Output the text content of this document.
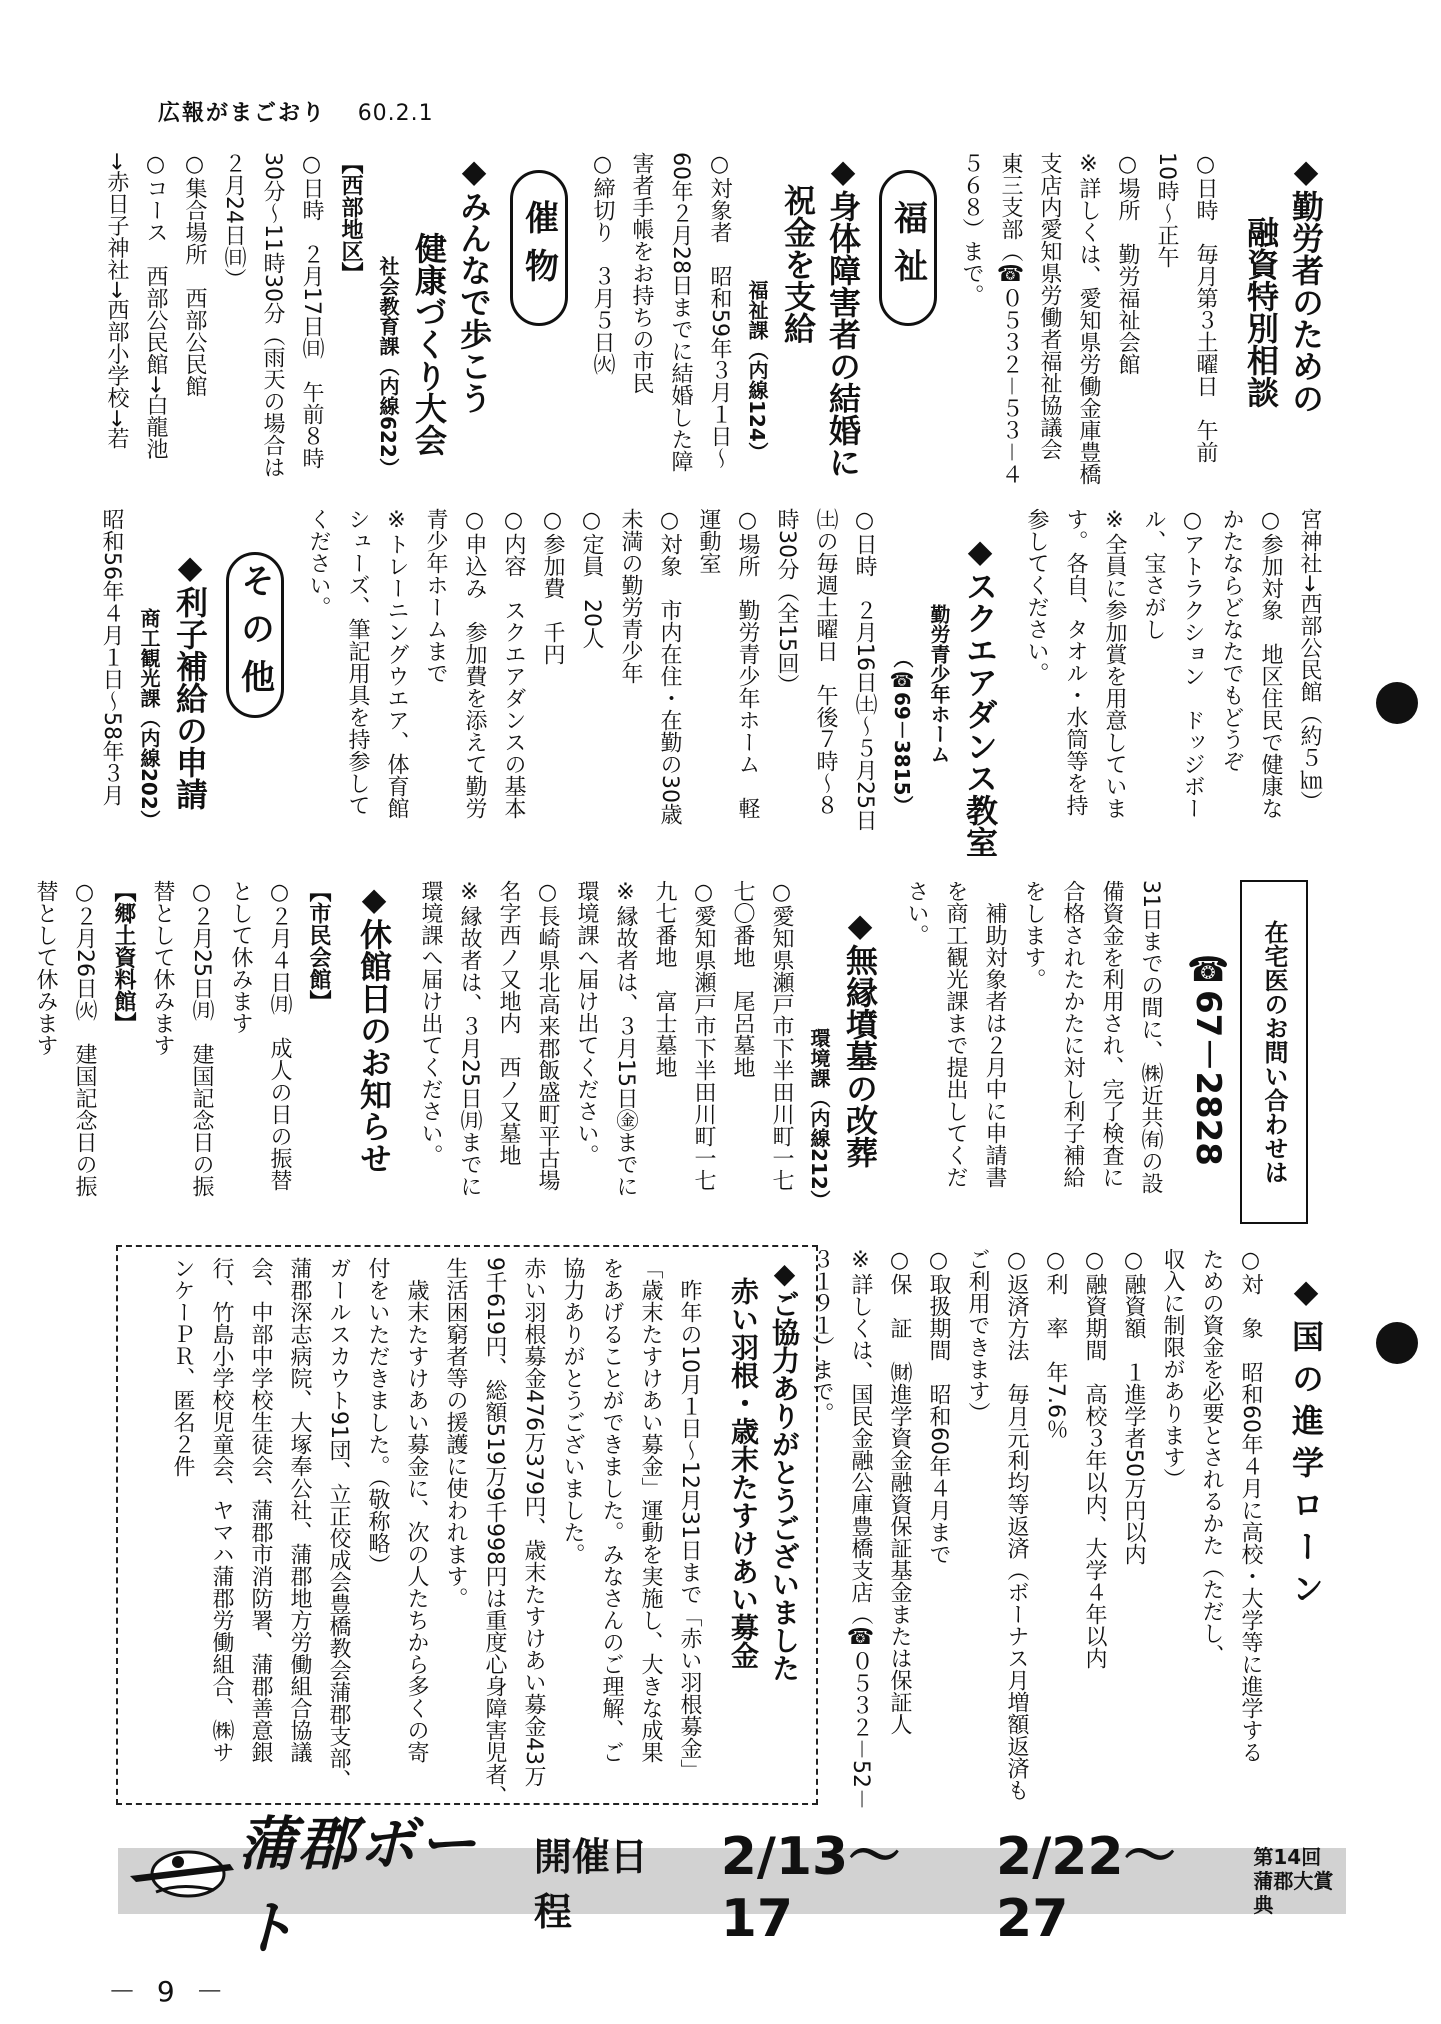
広報がまごおり 60.2.1
◆勤労者のための
融資特別相談
○日時　毎月第３土曜日　午前
10時～正午
○場所　勤労福祉会館
※詳しくは、愛知県労働金庫豊橋
支店内愛知県労働者福祉協議会
東三支部（☎０５３２－５３－４
５６８）まで。
福祉
◆身体障害者の結婚に
祝金を支給
福祉課（内線124）
○対象者　昭和59年３月１日～
60年２月28日までに結婚した障
害者手帳をお持ちの市民
○締切り　３月５日㈫
催物
◆みんなで歩こう
健康づくり大会
社会教育課（内線622）
【西部地区】
○日時　２月17日㈰　午前８時
30分～11時30分（雨天の場合は
２月24日㈰）
○集合場所　西部公民館
○コース　西部公民館→白龍池
→赤日子神社→西部小学校→若
宮神社→西部公民館（約５㎞）
○参加対象　地区住民で健康な
かたならどなたでもどうぞ
○アトラクション　ドッジボー
ル、宝さがし
※全員に参加賞を用意していま
す。各自、タオル・水筒等を持
参してください。
◆スクエアダンス教室
勤労青少年ホーム
（☎69－3815）
○日時　２月16日㈯～５月25日
㈯の毎週土曜日　午後７時～８
時30分（全15回）
○場所　勤労青少年ホーム　軽
運動室
○対象　市内在住・在勤の30歳
未満の勤労青少年
○定員　20人
○参加費　千円
○内容　スクエアダンスの基本
○申込み　参加費を添えて勤労
青少年ホームまで
※トレーニングウエア、体育館
シューズ、筆記用具を持参して
ください。
その他
◆利子補給の申請
商工観光課（内線202）
昭和56年４月１日～58年３月
在宅医のお問い合わせは
☎67－2828
31日までの間に、㈱近共㈲の設
備資金を利用され、完了検査に
合格されたかたに対し利子補給
をします。
　補助対象者は２月中に申請書
を商工観光課まで提出してくだ
さい。
◆無縁墳墓の改葬
環境課（内線212）
○愛知県瀬戸市下半田川町一七
七〇番地　尾呂墓地
○愛知県瀬戸市下半田川町一七
九七番地　富士墓地
※縁故者は、３月15日㊎までに
環境課へ届け出てください。
○長崎県北高来郡飯盛町平古場
名字西ノ又地内　西ノ又墓地
※縁故者は、３月25日㈪までに
環境課へ届け出てください。
◆休館日のお知らせ
【市民会館】
○２月４日㈪　成人の日の振替
として休みます
○２月25日㈪　建国記念日の振
替として休みます
【郷土資料館】
○２月26日㈫　建国記念日の振
替として休みます
◆国の進学ローン
○対　象　昭和60年４月に高校・大学等に進学する
ための資金を必要とされるかた（ただし、
収入に制限があります）
○融資額　１進学者50万円以内
○融資期間　高校３年以内、大学４年以内
○利　率　年7.6％
○返済方法　毎月元利均等返済（ボーナス月増額返済も
ご利用できます）
○取扱期間　昭和60年４月まで
○保　証　㈶進学資金融資保証基金または保証人
※詳しくは、国民金融公庫豊橋支店（☎０５３２－52－
３１９１）まで。
◆ご協力ありがとうございました
赤い羽根・歳末たすけあい募金
　昨年の10月１日～12月31日まで「赤い羽根募金」
「歳末たすけあい募金」運動を実施し、大きな成果
をあげることができました。みなさんのご理解、ご
協力ありがとうございました。
赤い羽根募金476万379円、歳末たすけあい募金43万
9千619円、総額519万9千998円は重度心身障害児者、
生活困窮者等の援護に使われます。
　歳末たすけあい募金に、次の人たちから多くの寄
付をいただきました。（敬称略）
ガールスカウト91団、立正佼成会豊橋教会蒲郡支部、
蒲郡深志病院、大塚奉公社、蒲郡地方労働組合協議
会、中部中学校生徒会、蒲郡市消防署、蒲郡善意銀
行、竹島小学校児童会、ヤマハ蒲郡労働組合、㈱サ
ンケーＰＲ、匿名２件
蒲郡ボート
開催日程
2/13～17
2/22～27
第14回
蒲郡大賞典
－ 9 －
